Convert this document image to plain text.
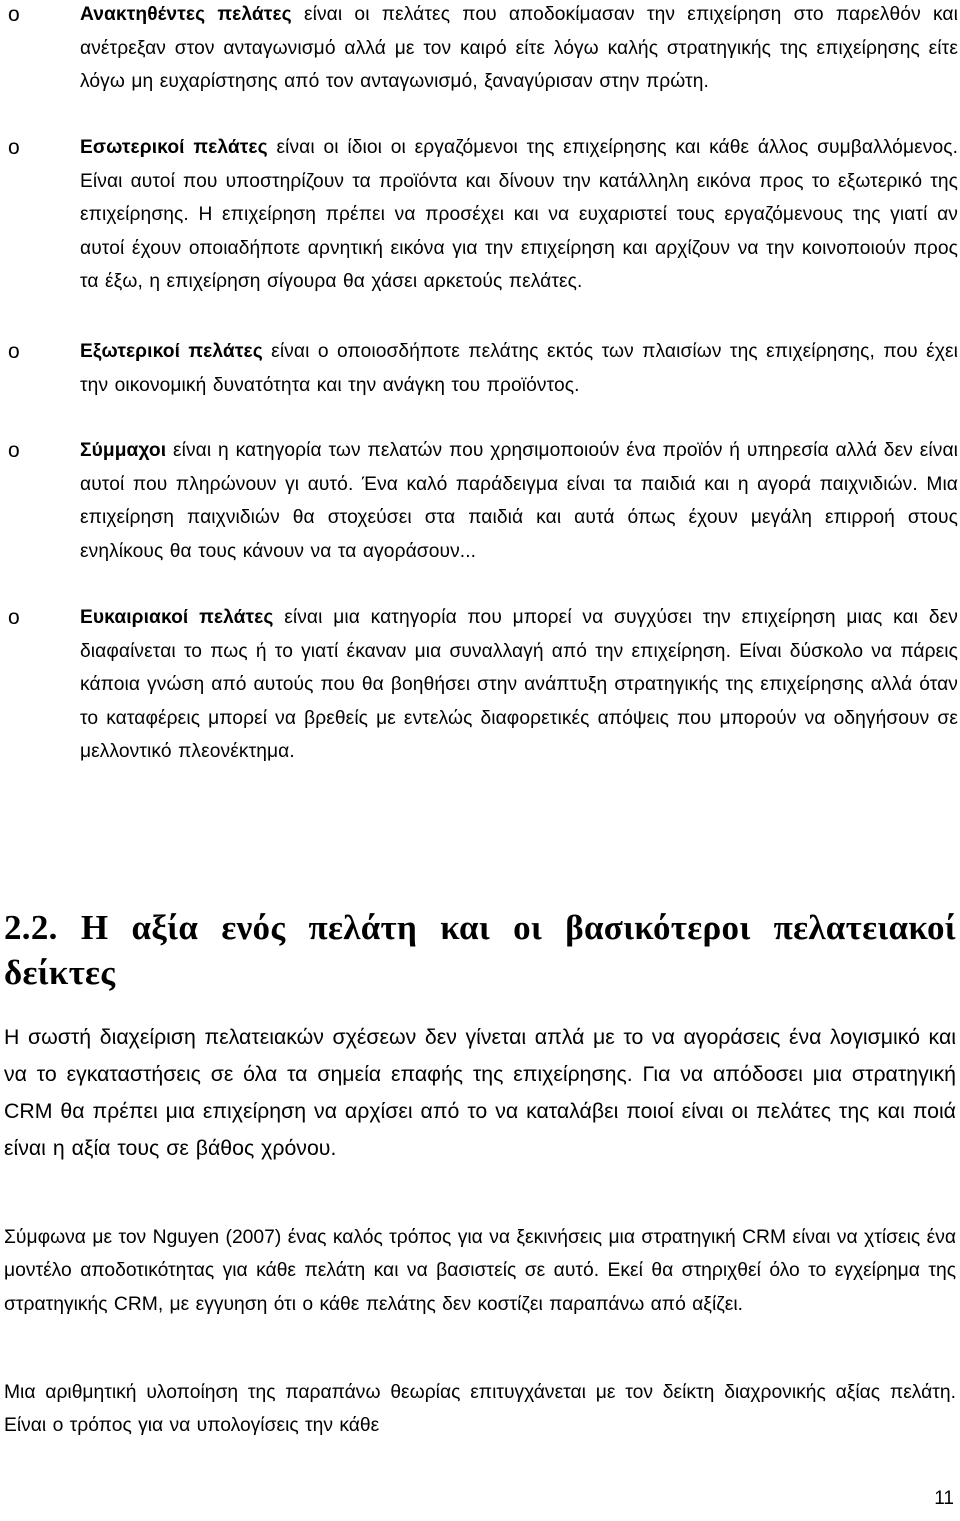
o	Ανακτηθέντες πελάτες είναι οι πελάτες που αποδοκίμασαν την επιχείρηση στο παρελθόν και ανέτρεξαν στον ανταγωνισμό αλλά με τον καιρό είτε λόγω καλής στρατηγικής της επιχείρησης είτε λόγω μη ευχαρίστησης από τον ανταγωνισμό, ξαναγύρισαν στην πρώτη.
o	Εσωτερικοί πελάτες είναι οι ίδιοι οι εργαζόμενοι της επιχείρησης και κάθε άλλος συμβαλλόμενος. Είναι αυτοί που υποστηρίζουν τα προϊόντα και δίνουν την κατάλληλη εικόνα προς το εξωτερικό της επιχείρησης. Η επιχείρηση πρέπει να προσέχει και να ευχαριστεί τους εργαζόμενους της γιατί αν αυτοί έχουν οποιαδήποτε αρνητική εικόνα για την επιχείρηση και αρχίζουν να την κοινοποιούν προς τα έξω, η επιχείρηση σίγουρα θα χάσει αρκετούς πελάτες.
o	Εξωτερικοί πελάτες είναι ο οποιοσδήποτε πελάτης εκτός των πλαισίων της επιχείρησης, που έχει την οικονομική δυνατότητα και την ανάγκη του προϊόντος.
o	Σύμμαχοι είναι η κατηγορία των πελατών που χρησιμοποιούν ένα προϊόν ή υπηρεσία αλλά δεν είναι αυτοί που πληρώνουν γι αυτό. Ένα καλό παράδειγμα είναι τα παιδιά και η αγορά παιχνιδιών. Μια επιχείρηση παιχνιδιών θα στοχεύσει στα παιδιά και αυτά όπως έχουν μεγάλη επιρροή στους ενηλίκους θα τους κάνουν να τα αγοράσουν...
o	Ευκαιριακοί πελάτες είναι μια κατηγορία που μπορεί να συγχύσει την επιχείρηση μιας και δεν διαφαίνεται το πως ή το γιατί έκαναν μια συναλλαγή από την επιχείρηση. Είναι δύσκολο να πάρεις κάποια γνώση από αυτούς που θα βοηθήσει στην ανάπτυξη στρατηγικής της επιχείρησης αλλά όταν το καταφέρεις μπορεί να βρεθείς με εντελώς διαφορετικές απόψεις που μπορούν να οδηγήσουν σε μελλοντικό πλεονέκτημα.
2.2. Η αξία ενός πελάτη και οι βασικότεροι πελατειακοί δείκτες

Η σωστή διαχείριση πελατειακών σχέσεων δεν γίνεται απλά με το να αγοράσεις ένα λογισμικό και να το εγκαταστήσεις σε όλα τα σημεία επαφής της επιχείρησης. Για να απόδοσει μια στρατηγική CRM θα πρέπει μια επιχείρηση να αρχίσει από το να καταλάβει ποιοί είναι οι πελάτες της και ποιά είναι η αξία τους σε βάθος χρόνου.

Σύμφωνα με τον Nguyen (2007) ένας καλός τρόπος για να ξεκινήσεις μια στρατηγική CRM είναι να χτίσεις ένα μοντέλο αποδοτικότητας για κάθε πελάτη και να βασιστείς σε αυτό. Εκεί θα στηριχθεί όλο το εγχείρημα της στρατηγικής CRM, με εγγυηση ότι ο κάθε πελάτης δεν κοστίζει παραπάνω από αξίζει.

Μια αριθμητική υλοποίηση της παραπάνω θεωρίας επιτυγχάνεται με τον δείκτη διαχρονικής αξίας πελάτη. Είναι ο τρόπος για να υπολογίσεις την κάθε

11
